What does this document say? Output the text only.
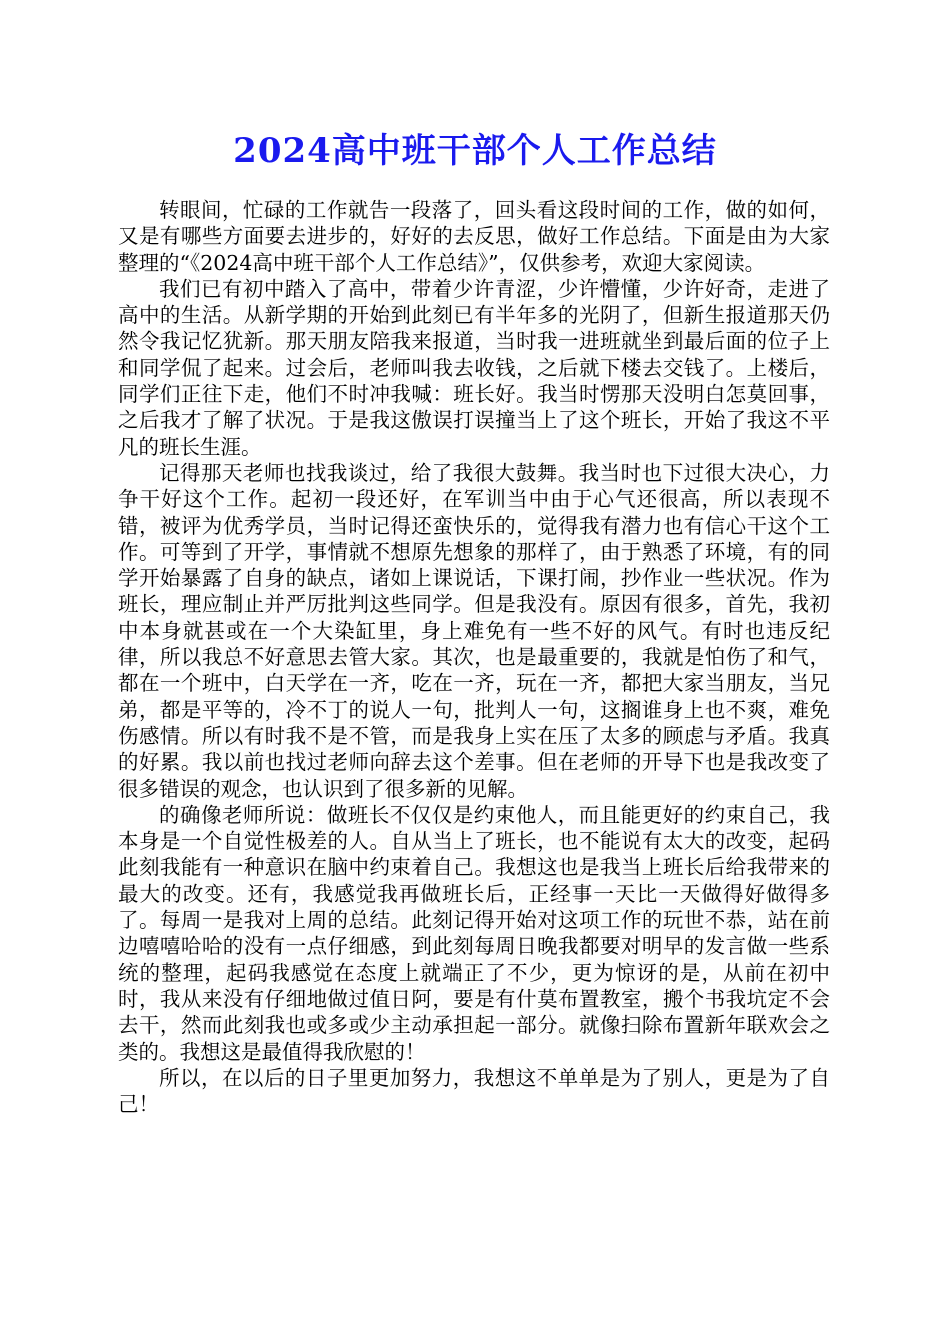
2024高中班干部个人工作总结

转眼间，忙碌的工作就告一段落了，回头看这段时间的工作，做的如何，又是有哪些方面要去进步的，好好的去反思，做好工作总结。下面是由为大家整理的“《2024高中班干部个人工作总结》”，仅供参考，欢迎大家阅读。

我们已有初中踏入了高中，带着少许青涩，少许懵懂，少许好奇，走进了高中的生活。从新学期的开始到此刻已有半年多的光阴了，但新生报道那天仍然令我记忆犹新。那天朋友陪我来报道，当时我一进班就坐到最后面的位子上和同学侃了起来。过会后，老师叫我去收钱，之后就下楼去交钱了。上楼后，同学们正往下走，他们不时冲我喊：班长好。我当时愣那天没明白怎莫回事，之后我才了解了状况。于是我这傲误打误撞当上了这个班长，开始了我这不平凡的班长生涯。

记得那天老师也找我谈过，给了我很大鼓舞。我当时也下过很大决心，力争干好这个工作。起初一段还好，在军训当中由于心气还很高，所以表现不错，被评为优秀学员，当时记得还蛮快乐的，觉得我有潜力也有信心干这个工作。可等到了开学，事情就不想原先想象的那样了，由于熟悉了环境，有的同学开始暴露了自身的缺点，诸如上课说话，下课打闹，抄作业一些状况。作为班长，理应制止并严厉批判这些同学。但是我没有。原因有很多，首先，我初中本身就甚或在一个大染缸里，身上难免有一些不好的风气。有时也违反纪律，所以我总不好意思去管大家。其次，也是最重要的，我就是怕伤了和气，都在一个班中，白天学在一齐，吃在一齐，玩在一齐，都把大家当朋友，当兄弟，都是平等的，冷不丁的说人一句，批判人一句，这搁谁身上也不爽，难免伤感情。所以有时我不是不管，而是我身上实在压了太多的顾虑与矛盾。我真的好累。我以前也找过老师向辞去这个差事。但在老师的开导下也是我改变了很多错误的观念，也认识到了很多新的见解。

的确像老师所说：做班长不仅仅是约束他人，而且能更好的约束自己，我本身是一个自觉性极差的人。自从当上了班长，也不能说有太大的改变，起码此刻我能有一种意识在脑中约束着自己。我想这也是我当上班长后给我带来的最大的改变。还有，我感觉我再做班长后，正经事一天比一天做得好做得多了。每周一是我对上周的总结。此刻记得开始对这项工作的玩世不恭，站在前边嘻嘻哈哈的没有一点仔细感，到此刻每周日晚我都要对明早的发言做一些系统的整理，起码我感觉在态度上就端正了不少，更为惊讶的是，从前在初中时，我从来没有仔细地做过值日阿，要是有什莫布置教室，搬个书我坑定不会去干，然而此刻我也或多或少主动承担起一部分。就像扫除布置新年联欢会之类的。我想这是最值得我欣慰的！

所以，在以后的日子里更加努力，我想这不单单是为了别人，更是为了自己！
